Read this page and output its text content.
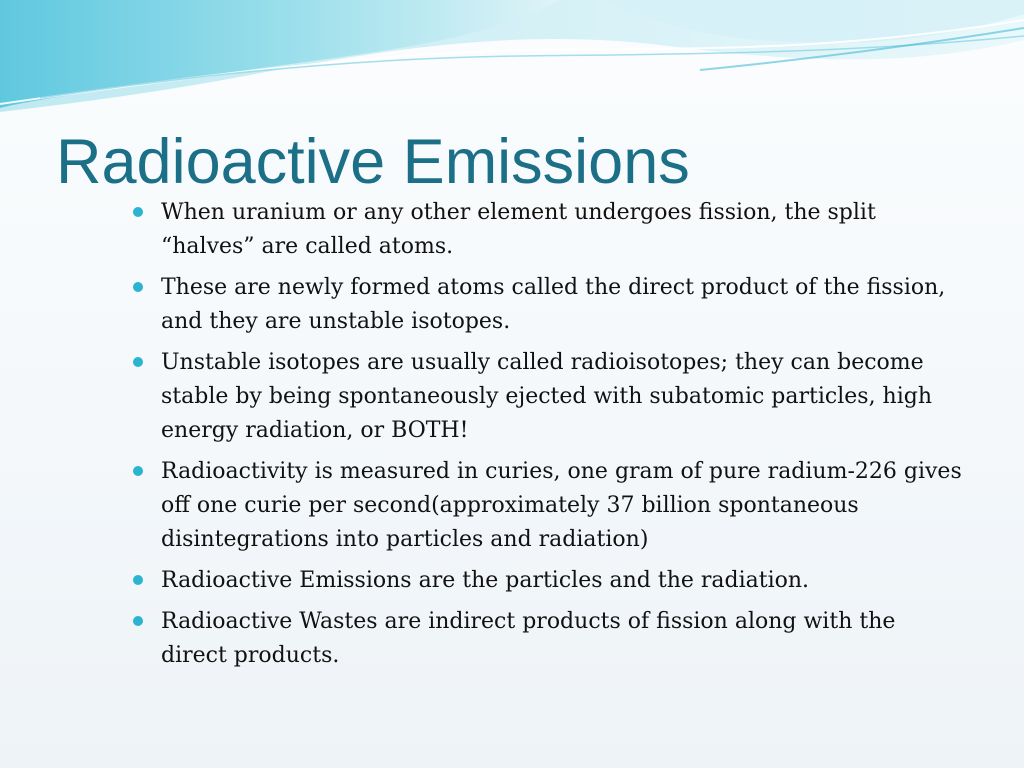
Radioactive Emissions
When uranium or any other element undergoes fission, the split “halves” are called atoms.
These are newly formed atoms called the direct product of the fission, and they are unstable isotopes.
Unstable isotopes are usually called radioisotopes; they can become stable by being spontaneously ejected with subatomic particles, high energy radiation, or BOTH!
Radioactivity is measured in curies, one gram of pure radium-226 gives off one curie per second(approximately 37 billion spontaneous disintegrations into particles and radiation)
Radioactive Emissions are the particles and the radiation.
Radioactive Wastes are indirect products of fission along with the direct products.
